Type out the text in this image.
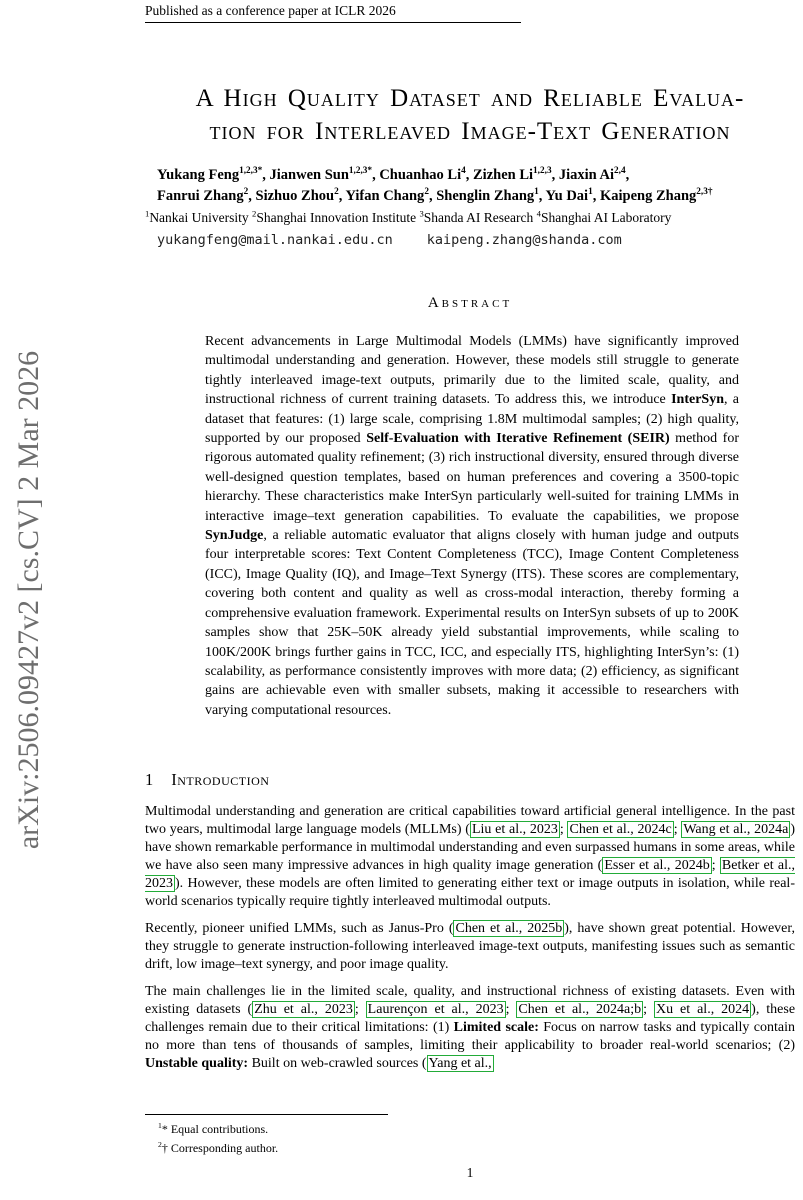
Published as a conference paper at ICLR 2026
arXiv:2506.09427v2 [cs.CV] 2 Mar 2026
A High Quality Dataset and Reliable Evalua-
tion for Interleaved Image-Text Generation
Yukang Feng$^{1,2,3*}$, Jianwen Sun$^{1,2,3*}$, Chuanhao Li$^4$, Zizhen Li$^{1,2,3}$, Jiaxin Ai$^{2,4}$,
Fanrui Zhang$^2$, Sizhuo Zhou$^2$, Yifan Chang$^2$, Shenglin Zhang$^1$, Yu Dai$^1$, Kaipeng Zhang$^{2,3\dagger}$
$^1$Nankai University $^2$Shanghai Innovation Institute $^3$Shanda AI Research $^4$Shanghai AI Laboratory
yukangfeng@mail.nankai.edu.cn	kaipeng.zhang@shanda.com
Abstract
Recent advancements in Large Multimodal Models (LMMs) have significantly improved multimodal understanding and generation. However, these models still struggle to generate tightly interleaved image-text outputs, primarily due to the limited scale, quality, and instructional richness of current training datasets. To address this, we introduce InterSyn, a dataset that features: (1) large scale, comprising 1.8M multimodal samples; (2) high quality, supported by our proposed Self-Evaluation with Iterative Refinement (SEIR) method for rigorous automated quality refinement; (3) rich instructional diversity, ensured through diverse well-designed question templates, based on human preferences and covering a 3500-topic hierarchy. These characteristics make InterSyn particularly well-suited for training LMMs in interactive image–text generation capabilities. To evaluate the capabilities, we propose SynJudge, a reliable automatic evaluator that aligns closely with human judge and outputs four interpretable scores: Text Content Completeness (TCC), Image Content Completeness (ICC), Image Quality (IQ), and Image–Text Synergy (ITS). These scores are complementary, covering both content and quality as well as cross-modal interaction, thereby forming a comprehensive evaluation framework. Experimental results on InterSyn subsets of up to 200K samples show that 25K–50K already yield substantial improvements, while scaling to 100K/200K brings further gains in TCC, ICC, and especially ITS, highlighting InterSyn’s: (1) scalability, as performance consistently improves with more data; (2) efficiency, as significant gains are achievable even with smaller subsets, making it accessible to researchers with varying computational resources.
1 Introduction

Multimodal understanding and generation are critical capabilities toward artificial general intelligence. In the past two years, multimodal large language models (MLLMs) ( Liu et al., 2023 ; Chen et al., 2024c ; Wang et al., 2024a ) have shown remarkable performance in multimodal understanding and even surpassed humans in some areas, while we have also seen many impressive advances in high quality image generation ( Esser et al., 2024b ; Betker et al., 2023 ). However, these models are often limited to generating either text or image outputs in isolation, while real-world scenarios typically require tightly interleaved multimodal outputs.

Recently, pioneer unified LMMs, such as Janus-Pro ( Chen et al., 2025b ), have shown great potential. However, they struggle to generate instruction-following interleaved image-text outputs, manifesting issues such as semantic drift, low image–text synergy, and poor image quality.

The main challenges lie in the limited scale, quality, and instructional richness of existing datasets. Even with existing datasets ( Zhu et al., 2023 ; Laurençon et al., 2023 ; Chen et al., 2024a;b ; Xu et al., 2024 ), these challenges remain due to their critical limitations: (1) Limited scale: Focus on narrow tasks and typically contain no more than tens of thousands of samples, limiting their applicability to broader real-world scenarios; (2) Unstable quality: Built on web-crawled sources ( Yang et al.,

$^1$* Equal contributions.
$^2$† Corresponding author.
1
